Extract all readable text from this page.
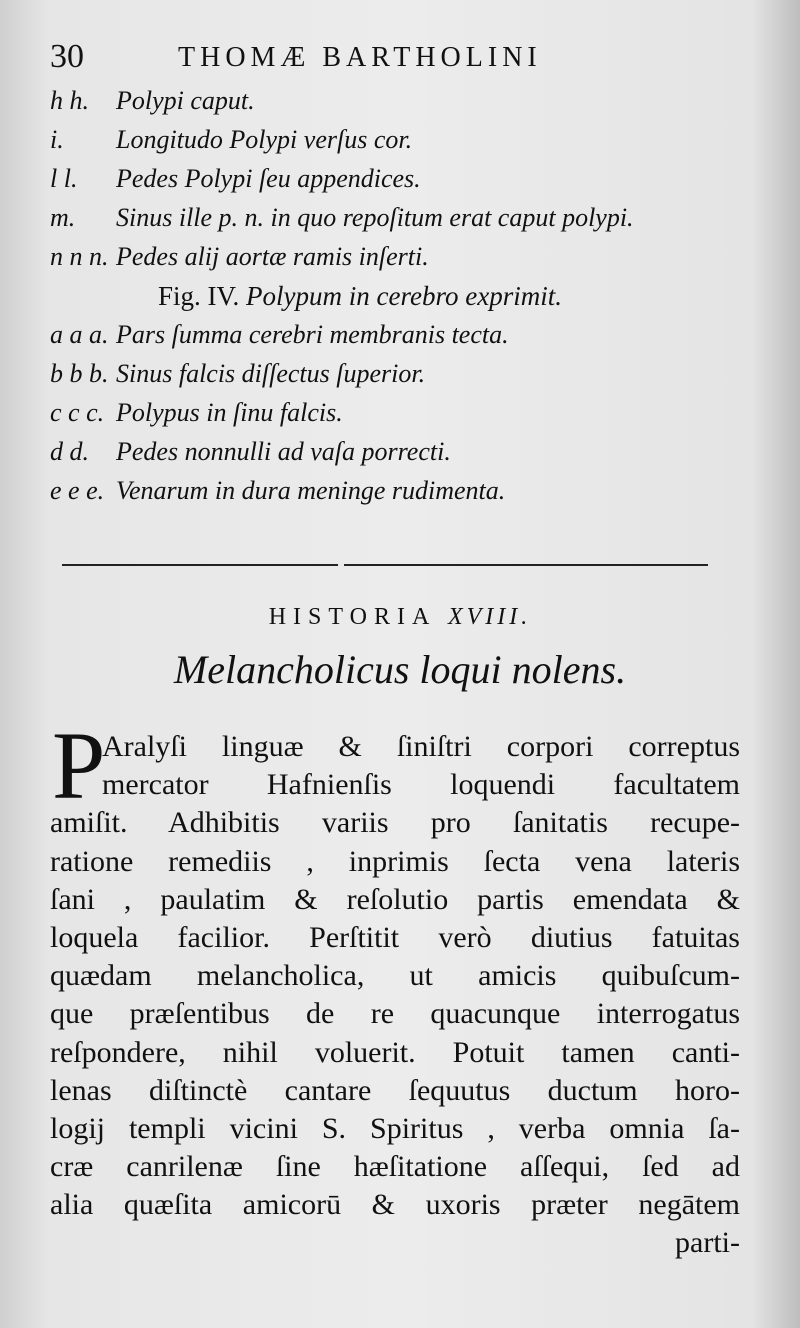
30	THOMÆ BARTHOLINI
h h. Polypi caput.
i. Longitudo Polypi verſus cor.
l l. Pedes Polypi ſeu appendices.
m. Sinus ille p. n. in quo repoſitum erat caput polypi.
n n n. Pedes alij aortæ ramis inſerti.
Fig. IV. Polypum in cerebro exprimit.
a a a. Pars ſumma cerebri membranis tecta.
b b b. Sinus falcis diſſectus ſuperior.
c c c. Polypus in ſinu falcis.
d d. Pedes nonnulli ad vaſa porrecti.
e e e. Venarum in dura meninge rudimenta.
HISTORIA XVIII.
Melancholicus loqui nolens.
P
Aralyſi linguæ & ſiniſtri corpori correptus
mercator Hafnienſis loquendi facultatem
amiſit. Adhibitis variis pro ſanitatis recupe-
ratione remediis , inprimis ſecta vena lateris
ſani , paulatim & reſolutio partis emendata &
loquela facilior. Perſtitit verò diutius fatuitas
quædam melancholica, ut amicis quibuſcum-
que præſentibus de re quacunque interrogatus
reſpondere, nihil voluerit. Potuit tamen canti-
lenas diſtinctè cantare ſequutus ductum horo-
logij templi vicini S. Spiritus , verba omnia ſa-
cræ canrilenæ ſine hæſitatione aſſequi, ſed ad
alia quæſita amicorū & uxoris præter negātem
parti-
